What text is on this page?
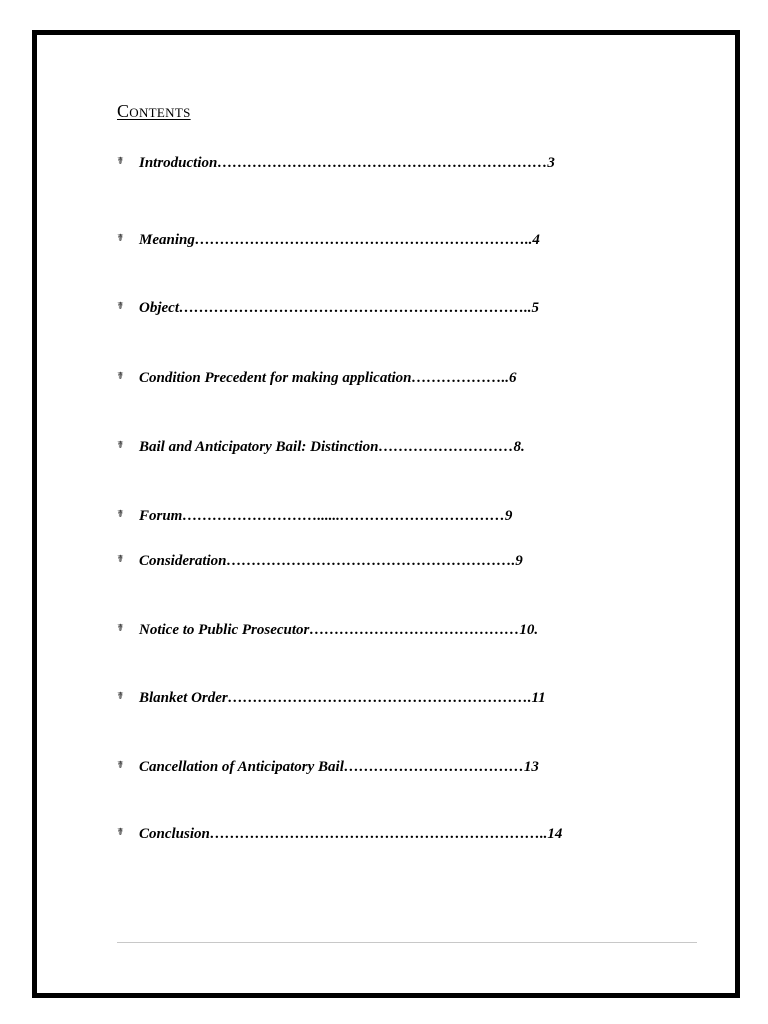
Contents
☤	Introduction…………………………………………………………3
☤	Meaning…………………………………………………………..4
☤	Object……………………………………………………………..5
☤	Condition Precedent for making application………………..6
☤	Bail and Anticipatory Bail: Distinction………………………8.
☤	Forum………………………......……………………………9
☤	Consideration………………………………………………….9
☤	Notice to Public Prosecutor……………………………………10.
☤	Blanket Order…………………………………………………….11
☤	Cancellation of Anticipatory Bail………………………………13
☤	Conclusion…………………………………………………………..14
